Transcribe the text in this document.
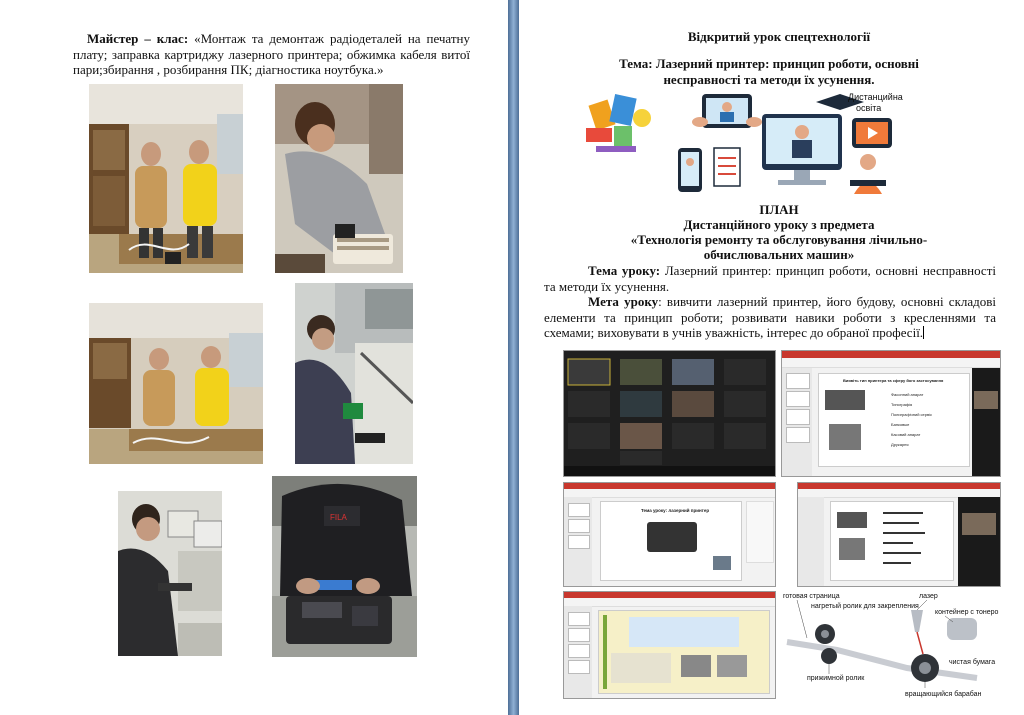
Майстер – клас: «Монтаж та демонтаж радіодеталей на печатну плату; заправка картриджу лазерного принтера; обжимка кабеля витої пари;збирання , розбирання ПК; діагностика ноутбука.»
FILA
Відкритий урок спецтехнології
Тема: Лазерний принтер: принцип роботи, основні
несправності та методи їх усунення.
Дистанцийна
освіта
ПЛАН
Дистанційного уроку з предмета
«Технологія ремонту та обслуговування лічильно-
обчислювальних машин»
Тема уроку: Лазерний принтер: принцип роботи, основні несправності та методи їх усунення.
Мета уроку: вивчити лазерний принтер, його будову, основні складові елементи та принцип роботи; розвивати навики роботи з кресленнями та схемами; виховувати в учнів уважність, інтерес до обраної професії.
Виявіть тип принтера та сферу його застосування
Фасонний апарат
Типографія
Полиграфічний сервіс
Банковые
Касовий апарат
Друкарня
Тема уроку: лазерний принтер
готовая страница
нагретый ролик для закрепления
лазер
контейнер с тонером
чистая бумага
прижимной ролик
вращающийся барабан
